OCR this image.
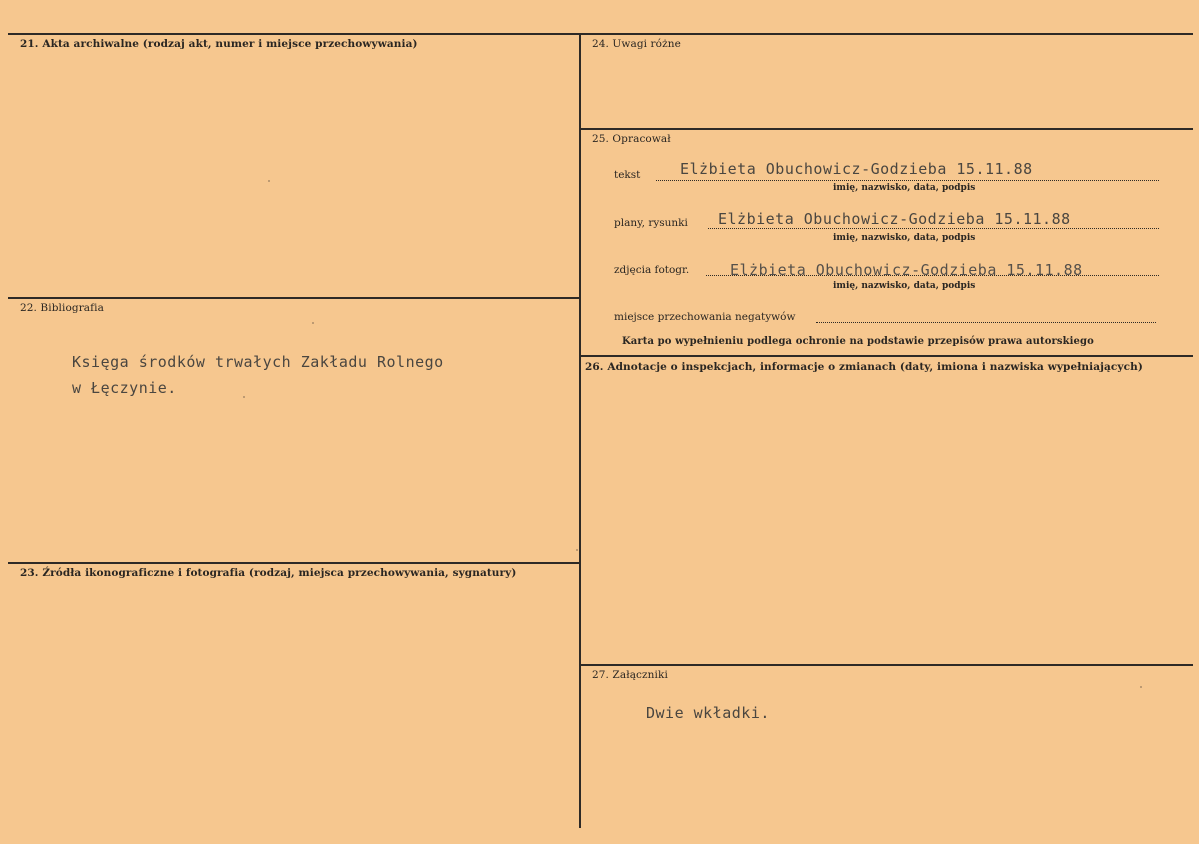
21. Akta archiwalne (rodzaj akt, numer i miejsce przechowywania)
22. Bibliografia
Księga środków trwałych Zakładu Rolnego
w Łęczynie.
23. Źródła ikonograficzne i fotografia (rodzaj, miejsca przechowywania, sygnatury)
24. Uwagi różne
25. Opracował
tekst	Elżbieta Obuchowicz-Godzieba 15.11.88
imię, nazwisko, data, podpis
plany, rysunki Elżbieta Obuchowicz-Godzieba 15.11.88
imię, nazwisko, data, podpis
zdjęcia fotogr.	Elżbieta Obuchowicz-Godzieba 15.11.88
imię, nazwisko, data, podpis
miejsce przechowania negatywów
Karta po wypełnieniu podlega ochronie na podstawie przepisów prawa autorskiego
26. Adnotacje o inspekcjach, informacje o zmianach (daty, imiona i nazwiska wypełniających)
27. Załączniki
Dwie wkładki.
